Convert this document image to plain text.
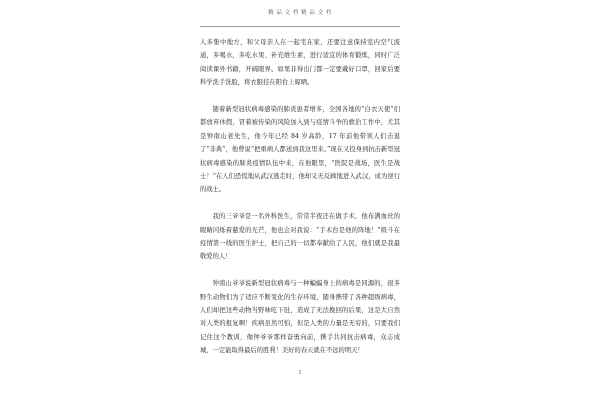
精 品 文 档 精 品 文 档

人多集中地方，和父母亲人在一起宅在家，还要注意保持室内空气流通，多喝水，多吃水果、补充维生素，进行适宜的体育锻炼，同时广泛阅读课外书籍，开阔眼界。如果非得出门都一定要戴好口罩，回家后要科学洗手洗脸，将衣服挂在阳台上晾晒。

随着新型冠状病毒感染的肺炎患者增多，全国各地的“白衣天使”们都放弃休假，冒着被传染的风险加入到与疫情斗争的救治工作中，尤其是钟南山老先生，他今年已经 84 岁高龄，17 年前他带领人们击退了“非典”，他曾说“把重病人都送到我这里来。”现在又投身到抗击新型冠状病毒感染的肺炎疫情队伍中来，在他眼里，“医院是战场，医生是战士！”在人们恐慌地从武汉逃走时，他却义无反顾地进入武汉，成为逆行的战士。

我的三爷爷是一名外科医生，常常半夜还在做手术，他布满血丝的眼睛闪烁着慈爱的光芒，他也会对我说：“手术台是他的阵地！”级斗在疫情第一线的医生护士，把自己的一切都奉献给了人民，他们就是我最敬爱的人！

钟南山爷爷说新型冠状病毒与一种蝙蝠身上的病毒是同源的，很多野生动物们为了适应不断变化的生存环境，随身携带了各种超级病毒，人们却把这些动物当野味吃下肚，造成了无法挽回的后果，这是大自然对人类的报复啊！疾病虽然可怕，但是人类的力量是无穷的，只要我们记住这个教训，像钟爷爷那样奋勇向前，携手共同抗击病毒，众志成城，一定能取得最后的胜利！美好的春天就在不远的明天！

1
